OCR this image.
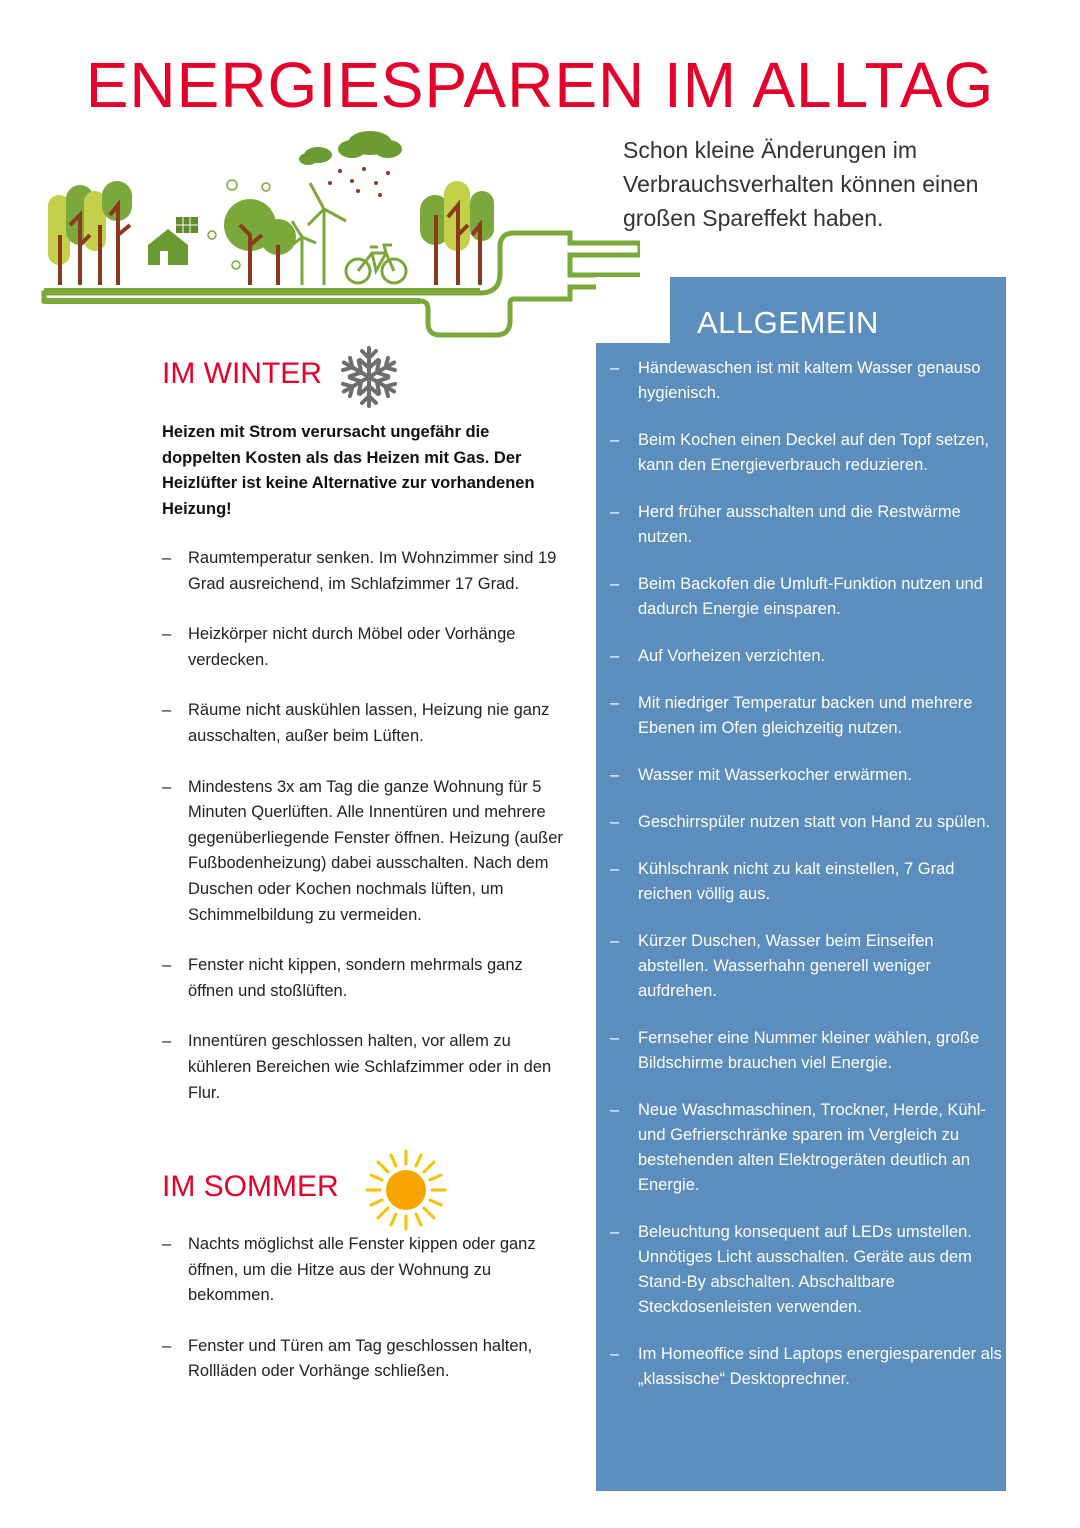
ENERGIESPAREN IM ALLTAG

Schon kleine Änderungen im Verbrauchsverhalten können einen großen Spareffekt haben.

ALLGEMEIN
– Händewaschen ist mit kaltem Wasser genauso hygienisch.
– Beim Kochen einen Deckel auf den Topf setzen, kann den Energieverbrauch reduzieren.
– Herd früher ausschalten und die Restwärme nutzen.
– Beim Backofen die Umluft-Funktion nutzen und dadurch Energie einsparen.
– Auf Vorheizen verzichten.
– Mit niedriger Temperatur backen und mehrere Ebenen im Ofen gleichzeitig nutzen.
– Wasser mit Wasserkocher erwärmen.
– Geschirrspüler nutzen statt von Hand zu spülen.
– Kühlschrank nicht zu kalt einstellen, 7 Grad reichen völlig aus.
– Kürzer Duschen, Wasser beim Einseifen abstellen. Wasserhahn generell weniger aufdrehen.
– Fernseher eine Nummer kleiner wählen, große Bildschirme brauchen viel Energie.
– Neue Waschmaschinen, Trockner, Herde, Kühl- und Gefrierschränke sparen im Vergleich zu bestehenden alten Elektrogeräten deutlich an Energie.
– Beleuchtung konsequent auf LEDs umstellen. Unnötiges Licht ausschalten. Geräte aus dem Stand-By abschalten. Abschaltbare Steckdosenleisten verwenden.
– Im Homeoffice sind Laptops energiesparender als „klassische“ Desktoprechner.
IM WINTER

Heizen mit Strom verursacht ungefähr die doppelten Kosten als das Heizen mit Gas. Der Heizlüfter ist keine Alternative zur vorhandenen Heizung!

– Raumtemperatur senken. Im Wohnzimmer sind 19 Grad ausreichend, im Schlafzimmer 17 Grad.
– Heizkörper nicht durch Möbel oder Vorhänge verdecken.
– Räume nicht auskühlen lassen, Heizung nie ganz ausschalten, außer beim Lüften.
– Mindestens 3x am Tag die ganze Wohnung für 5 Minuten Querlüften. Alle Innentüren und mehrere gegenüberliegende Fenster öffnen. Heizung (außer Fußbodenheizung) dabei ausschalten. Nach dem Duschen oder Kochen nochmals lüften, um Schimmelbildung zu vermeiden.
– Fenster nicht kippen, sondern mehrmals ganz öffnen und stoßlüften.
– Innentüren geschlossen halten, vor allem zu kühleren Bereichen wie Schlafzimmer oder in den Flur.
IM SOMMER
– Nachts möglichst alle Fenster kippen oder ganz öffnen, um die Hitze aus der Wohnung zu bekommen.
– Fenster und Türen am Tag geschlossen halten, Rollläden oder Vorhänge schließen.
